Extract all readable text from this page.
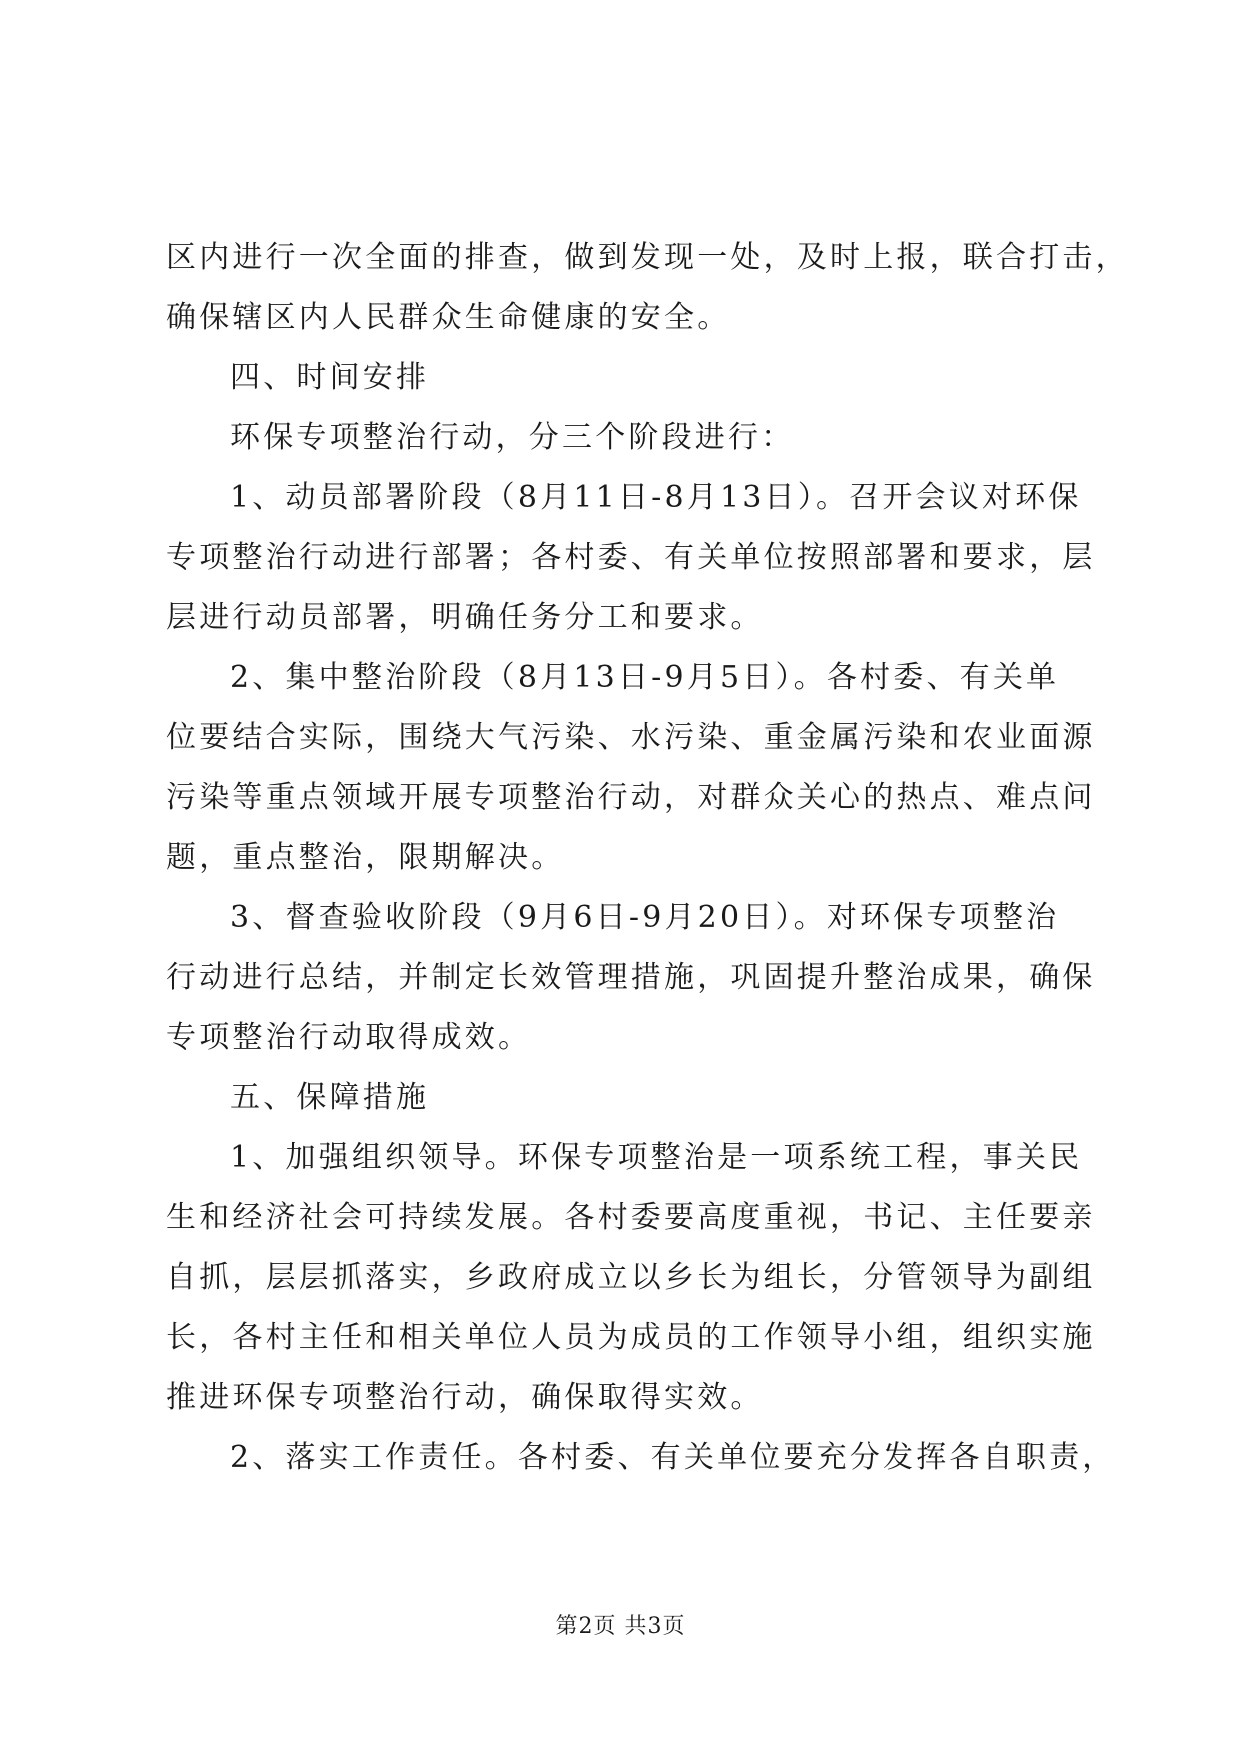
区内进行一次全面的排查，做到发现一处，及时上报，联合打击，
确保辖区内人民群众生命健康的安全。
四、时间安排
环保专项整治行动，分三个阶段进行：
1、动员部署阶段（8月11日-8月13日）。召开会议对环保
专项整治行动进行部署；各村委、有关单位按照部署和要求，层
层进行动员部署，明确任务分工和要求。
2、集中整治阶段（8月13日-9月5日）。各村委、有关单
位要结合实际，围绕大气污染、水污染、重金属污染和农业面源
污染等重点领域开展专项整治行动，对群众关心的热点、难点问
题，重点整治，限期解决。
3、督查验收阶段（9月6日-9月20日）。对环保专项整治
行动进行总结，并制定长效管理措施，巩固提升整治成果，确保
专项整治行动取得成效。
五、保障措施
1、加强组织领导。环保专项整治是一项系统工程，事关民
生和经济社会可持续发展。各村委要高度重视，书记、主任要亲
自抓，层层抓落实，乡政府成立以乡长为组长，分管领导为副组
长，各村主任和相关单位人员为成员的工作领导小组，组织实施
推进环保专项整治行动，确保取得实效。
2、落实工作责任。各村委、有关单位要充分发挥各自职责，
第2页 共3页
